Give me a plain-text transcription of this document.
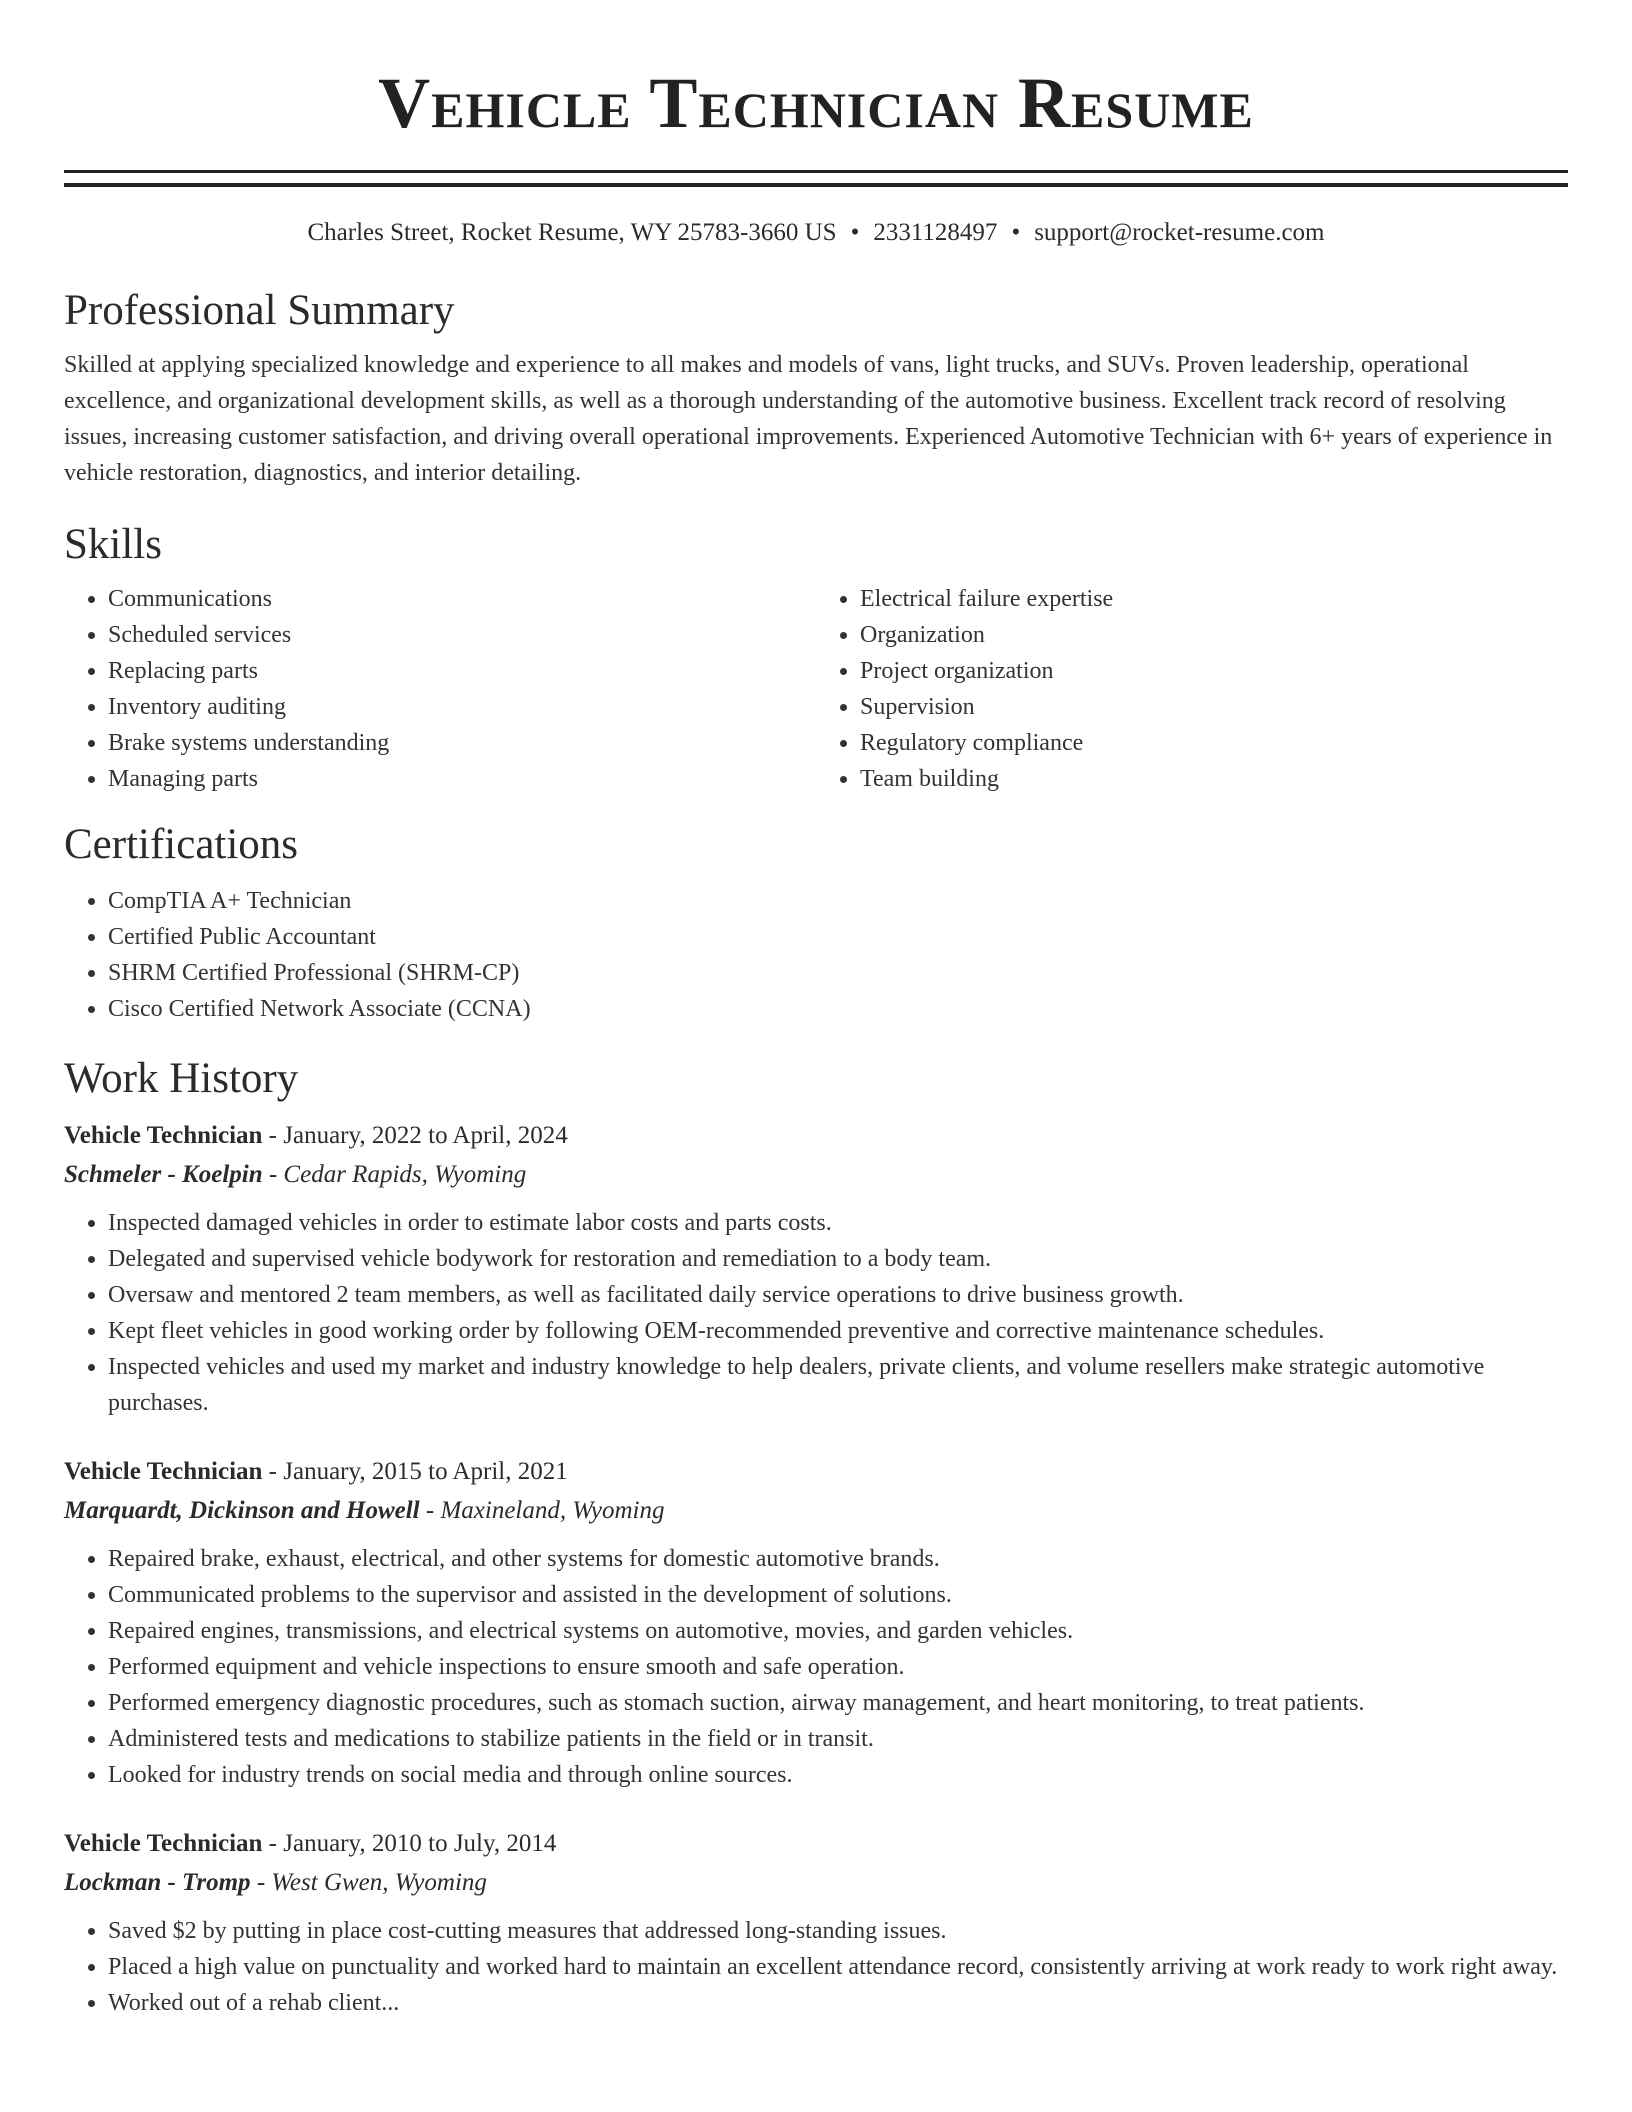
Vehicle Technician Resume
Charles Street, Rocket Resume, WY 25783-3660 US • 2331128497 • support@rocket-resume.com
Professional Summary

Skilled at applying specialized knowledge and experience to all makes and models of vans, light trucks, and SUVs. Proven leadership, operational excellence, and organizational development skills, as well as a thorough understanding of the automotive business. Excellent track record of resolving issues, increasing customer satisfaction, and driving overall operational improvements. Experienced Automotive Technician with 6+ years of experience in vehicle restoration, diagnostics, and interior detailing.

Skills
• Communications
• Scheduled services
• Replacing parts
• Inventory auditing
• Brake systems understanding
• Managing parts
• Electrical failure expertise
• Organization
• Project organization
• Supervision
• Regulatory compliance
• Team building
Certifications
• CompTIA A+ Technician
• Certified Public Accountant
• SHRM Certified Professional (SHRM-CP)
• Cisco Certified Network Associate (CCNA)
Work History
Vehicle Technician - January, 2022 to April, 2024
Schmeler - Koelpin - Cedar Rapids, Wyoming
• Inspected damaged vehicles in order to estimate labor costs and parts costs.
• Delegated and supervised vehicle bodywork for restoration and remediation to a body team.
• Oversaw and mentored 2 team members, as well as facilitated daily service operations to drive business growth.
• Kept fleet vehicles in good working order by following OEM-recommended preventive and corrective maintenance schedules.
• Inspected vehicles and used my market and industry knowledge to help dealers, private clients, and volume resellers make strategic automotive purchases.
Vehicle Technician - January, 2015 to April, 2021
Marquardt, Dickinson and Howell - Maxineland, Wyoming
• Repaired brake, exhaust, electrical, and other systems for domestic automotive brands.
• Communicated problems to the supervisor and assisted in the development of solutions.
• Repaired engines, transmissions, and electrical systems on automotive, movies, and garden vehicles.
• Performed equipment and vehicle inspections to ensure smooth and safe operation.
• Performed emergency diagnostic procedures, such as stomach suction, airway management, and heart monitoring, to treat patients.
• Administered tests and medications to stabilize patients in the field or in transit.
• Looked for industry trends on social media and through online sources.
Vehicle Technician - January, 2010 to July, 2014
Lockman - Tromp - West Gwen, Wyoming
• Saved $2 by putting in place cost-cutting measures that addressed long-standing issues.
• Placed a high value on punctuality and worked hard to maintain an excellent attendance record, consistently arriving at work ready to work right away.
• Worked out of a rehab client...
